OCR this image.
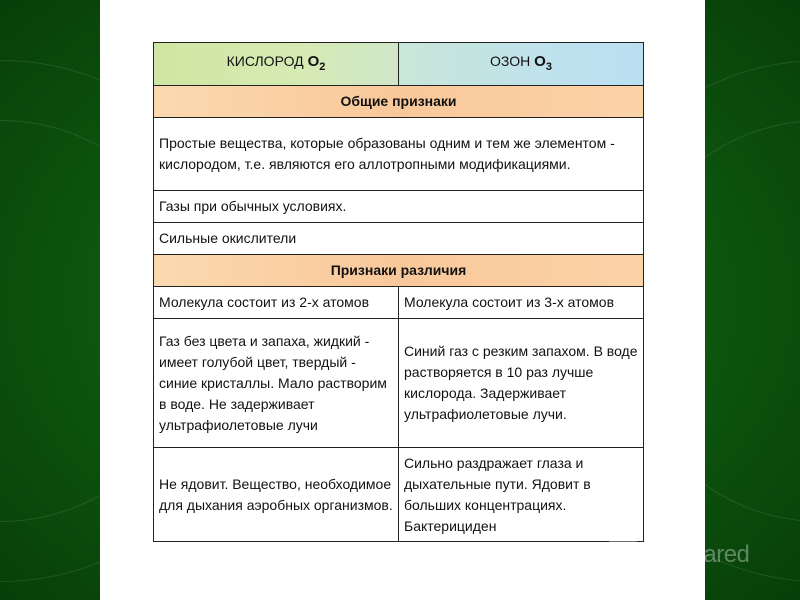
КИСЛОРОД $O_2$	ОЗОН $O_3$
Общие признаки	
Простые вещества, которые образованы одним и тем же элементом - кислородом, т.е. являются его аллотропными модификациями.	
Газы при обычных условиях.	
Сильные окислители	
Признаки различия	
Молекула состоит из 2-х атомов	Молекула состоит из 3-х атомов
Газ без цвета и запаха, жидкий - имеет голубой цвет, твердый - синие кристаллы. Мало растворим в воде. Не задерживает ультрафиолетовые лучи	Синий газ с резким запахом. В воде растворяется в 10 раз лучше кислорода. Задерживает ультрафиолетовые лучи.
Не ядовит. Вещество, необходимое для дыхания аэробных организмов.	Сильно раздражает глаза и дыхательные пути. Ядовит в больших концентрациях. Бактерициден
MyShared
